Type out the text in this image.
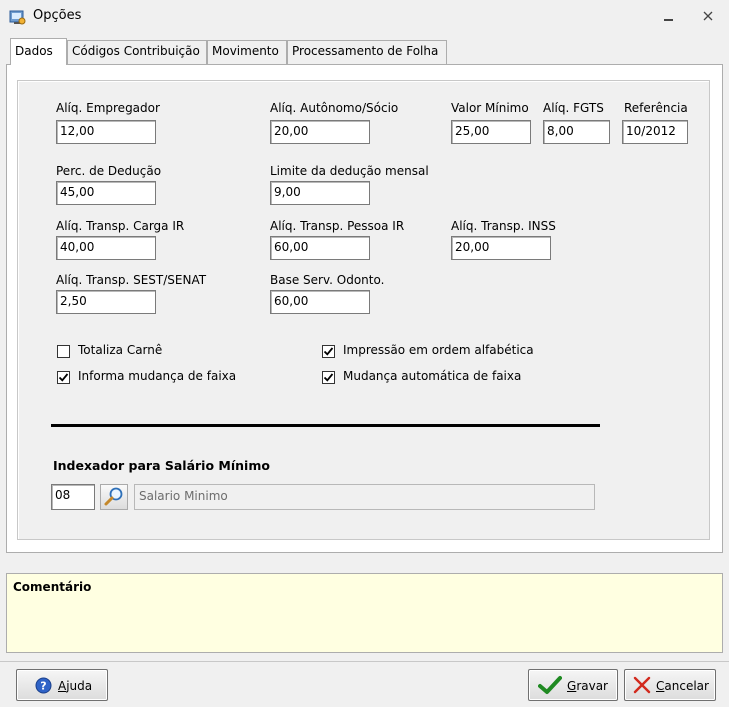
Opções
Dados	Códigos Contribuição	Movimento	Processamento de Folha
Alíq. Empregador
12,00
Alíq. Autônomo/Sócio
20,00
Valor Mínimo
25,00
Alíq. FGTS
8,00
Referência
10/2012
Perc. de Dedução
45,00
Limite da dedução mensal
9,00
Alíq. Transp. Carga IR
40,00
Alíq. Transp. Pessoa IR
60,00
Alíq. Transp. INSS
20,00
Alíq. Transp. SEST/SENAT
2,50
Base Serv. Odonto.
60,00
Totaliza Carnê
Informa mudança de faixa
Impressão em ordem alfabética
Mudança automática de faixa
Indexador para Salário Mínimo
08	Salario Minimo
Comentário
? Ajuda	Gravar	Cancelar
